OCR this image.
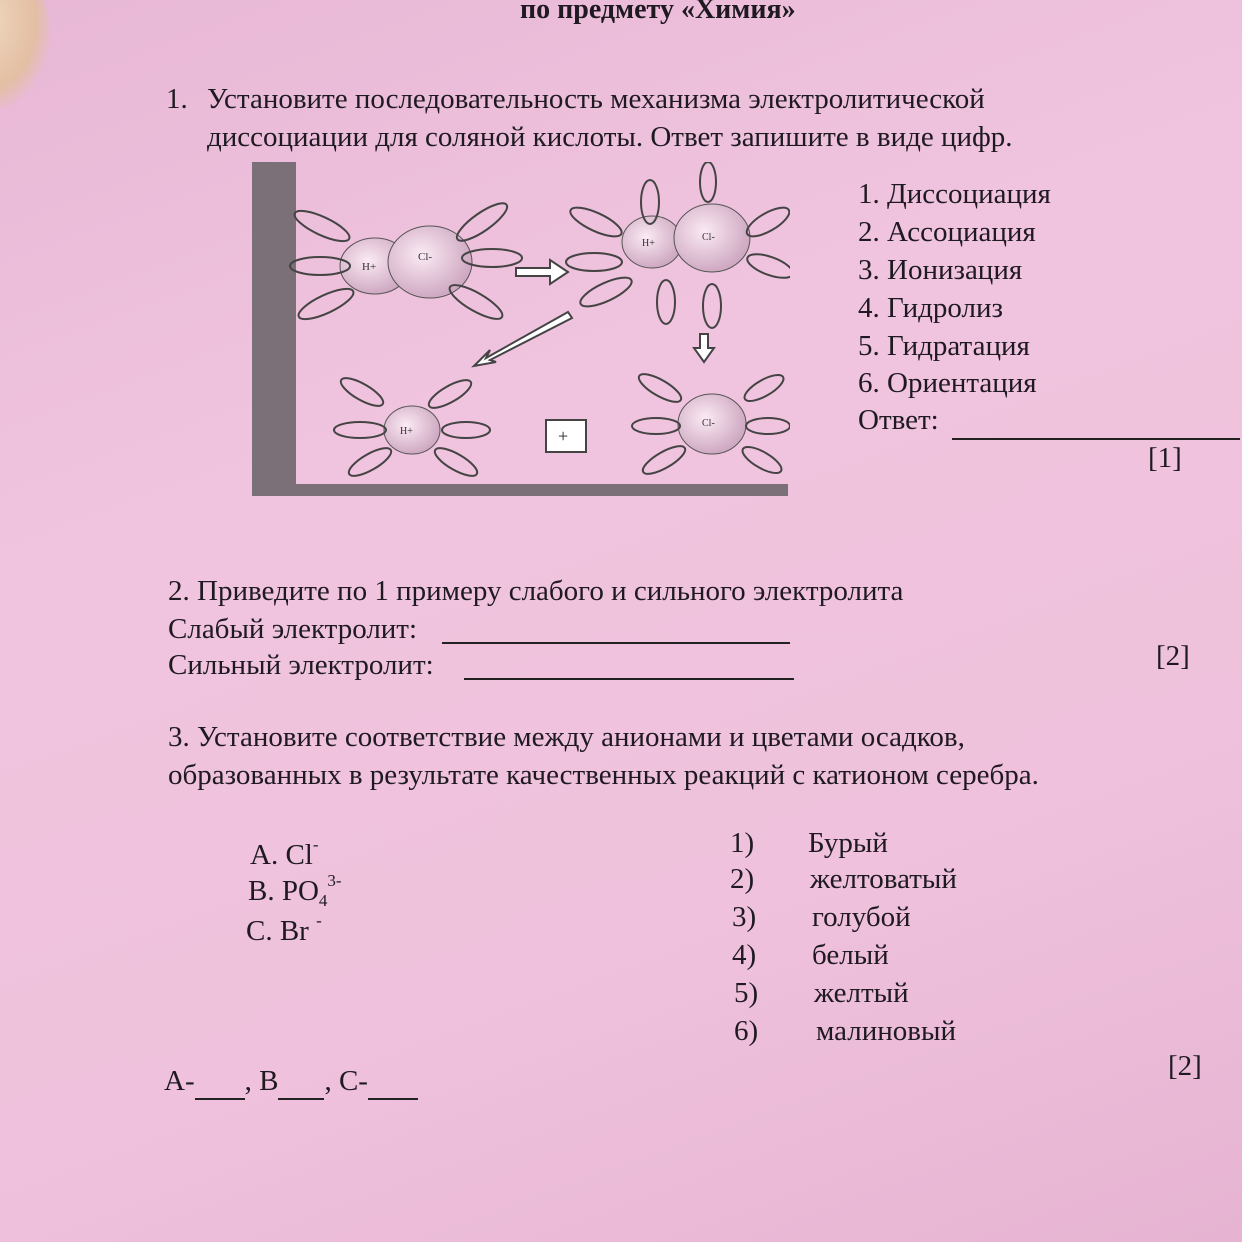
по предмету «Химия»
1. Установите последовательность механизма электролитической
диссоциации для соляной кислоты. Ответ запишите в виде цифр.
H+
Cl-
H+
Cl-
H+	+
Cl-
1. Диссоциация
2. Ассоциация
3. Ионизация
4. Гидролиз
5. Гидратация
6. Ориентация
Ответ:
[1]
2. Приведите по 1 примеру слабого и сильного электролита
Слабый электролит:
Сильный электролит:	[2]
3. Установите соответствие между анионами и цветами осадков,
образованных в результате качественных реакций с катионом серебра.
А. Cl-
В. $PO_4^{3-}$
С. Br -
1) Бурый
2) желтоватый
3) голубой
4) белый
5) желтый
6) малиновый
А- , В , С-	[2]
